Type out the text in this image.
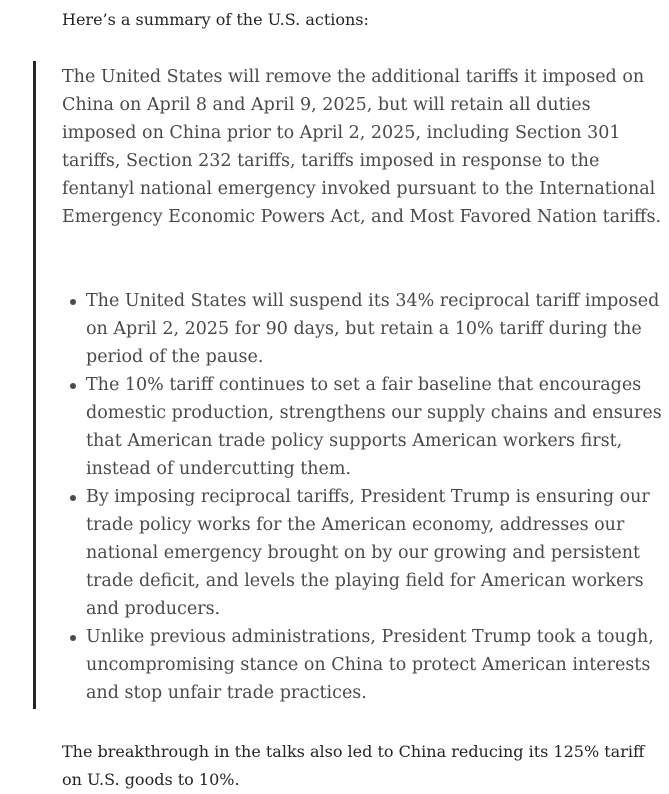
Here’s a summary of the U.S. actions:

The United States will remove the additional tariffs it imposed on China on April 8 and April 9, 2025, but will retain all duties imposed on China prior to April 2, 2025, including Section 301 tariffs, Section 232 tariffs, tariffs imposed in response to the fentanyl national emergency invoked pursuant to the International Emergency Economic Powers Act, and Most Favored Nation tariffs.

The United States will suspend its 34% reciprocal tariff imposed on April 2, 2025 for 90 days, but retain a 10% tariff during the period of the pause.
The 10% tariff continues to set a fair baseline that encourages domestic production, strengthens our supply chains and ensures that American trade policy supports American workers first, instead of undercutting them.
By imposing reciprocal tariffs, President Trump is ensuring our trade policy works for the American economy, addresses our national emergency brought on by our growing and persistent trade deficit, and levels the playing field for American workers and producers.
Unlike previous administrations, President Trump took a tough, uncompromising stance on China to protect American interests and stop unfair trade practices.

The breakthrough in the talks also led to China reducing its 125% tariff on U.S. goods to 10%.
